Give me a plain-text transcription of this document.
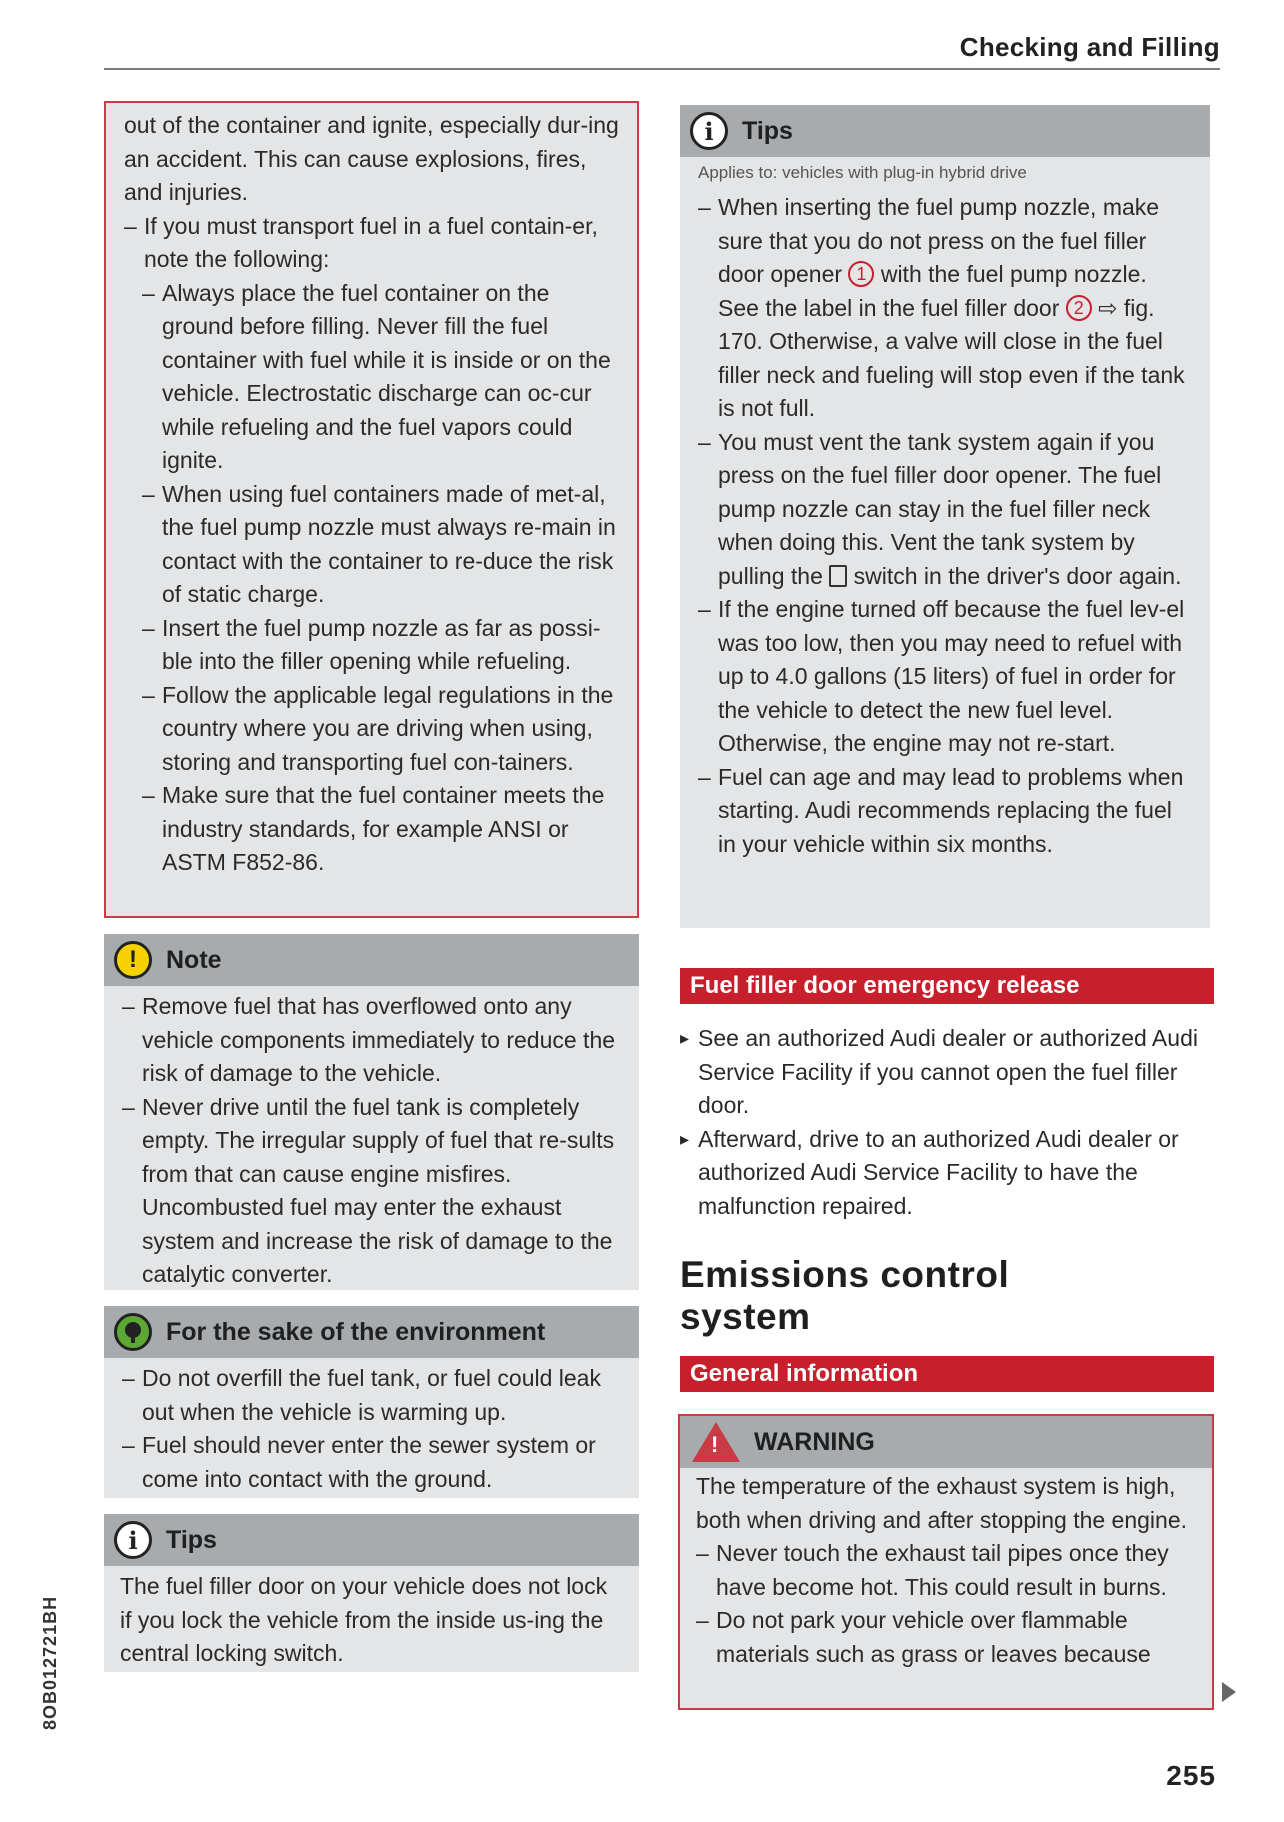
Checking and Filling
out of the container and ignite, especially dur-ing an accident. This can cause explosions, fires, and injuries.
– If you must transport fuel in a fuel contain-er, note the following:
– Always place the fuel container on the ground before filling. Never fill the fuel container with fuel while it is inside or on the vehicle. Electrostatic discharge can oc-cur while refueling and the fuel vapors could ignite.
– When using fuel containers made of met-al, the fuel pump nozzle must always re-main in contact with the container to re-duce the risk of static charge.
– Insert the fuel pump nozzle as far as possi-ble into the filler opening while refueling.
– Follow the applicable legal regulations in the country where you are driving when using, storing and transporting fuel con-tainers.
– Make sure that the fuel container meets the industry standards, for example ANSI or ASTM F852-86.
!	Note
– Remove fuel that has overflowed onto any vehicle components immediately to reduce the risk of damage to the vehicle.
– Never drive until the fuel tank is completely empty. The irregular supply of fuel that re-sults from that can cause engine misfires. Uncombusted fuel may enter the exhaust system and increase the risk of damage to the catalytic converter.
For the sake of the environment
– Do not overfill the fuel tank, or fuel could leak out when the vehicle is warming up.
– Fuel should never enter the sewer system or come into contact with the ground.
i	Tips
The fuel filler door on your vehicle does not lock if you lock the vehicle from the inside us-ing the central locking switch.
i	Tips
Applies to: vehicles with plug-in hybrid drive
– When inserting the fuel pump nozzle, make sure that you do not press on the fuel filler door opener 1 with the fuel pump nozzle. See the label in the fuel filler door 2 ⇨ fig. 170. Otherwise, a valve will close in the fuel filler neck and fueling will stop even if the tank is not full.
– You must vent the tank system again if you press on the fuel filler door opener. The fuel pump nozzle can stay in the fuel filler neck when doing this. Vent the tank system by pulling the switch in the driver's door again.
– If the engine turned off because the fuel lev-el was too low, then you may need to refuel with up to 4.0 gallons (15 liters) of fuel in order for the vehicle to detect the new fuel level. Otherwise, the engine may not re-start.
– Fuel can age and may lead to problems when starting. Audi recommends replacing the fuel in your vehicle within six months.
Fuel filler door emergency release
▸ See an authorized Audi dealer or authorized Audi Service Facility if you cannot open the fuel filler door.
▸ Afterward, drive to an authorized Audi dealer or authorized Audi Service Facility to have the malfunction repaired.
Emissions control system
General information
! WARNING
The temperature of the exhaust system is high, both when driving and after stopping the engine.
– Never touch the exhaust tail pipes once they have become hot. This could result in burns.
– Do not park your vehicle over flammable materials such as grass or leaves because
8OB012721BH
255
